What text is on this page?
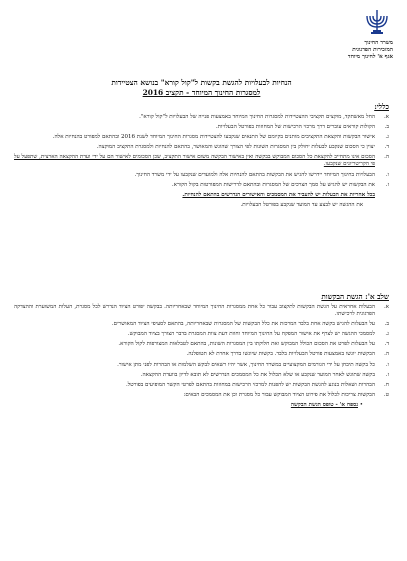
משרד החינוך
המזכירות הפדגוגית
אגף א' לחינוך מיוחד
הנחיות לבעלויות להגשת בקשות ל"קול קורא" בנושא הצטיידות
למסגרות החינוך המיוחד - תקציב 2016
כללי:
א.
החל מאשתקד, מוקצים תקציבי ההצטיידות למסגרות החינוך המיוחד באמצעות פנייה של הבעלויות ל"קול קורא".
ב.
הקולות קוראים עוברים דרך מרכזי הרכישות של המחוזות בפורטל הבעלויות.
ג.
אישור הבקשות והקצאת התקציבים מותנים בקיומם של התנאים שנקבעו להצטיידות מסגרות החינוך המיוחד לשנת 2016 ובהתאם למפורט בהנחיות אלה.
ד.
יצוין כי הסכום שנקבע לבעלות יחולק בין המסגרות השונות לפי הצורך שהוגש והמאושר, בהתאם להנחיות ולמסגרת התקציב המוקצה.
ה.
הסכום אינו מתחייב להקצאת כל הסכום המבוקש בבקשה ואין באישור הבקשה משום אישור התקציב, שכן הסכומים לאישור הם על ידי ועדת ההקצאה הארצית, שתפעל על פי הקריטריונים שנקבעו.
ו.
הבעלויות בחינוך המיוחד יידרשו להגיש את הבקשות בהתאם להנחיות אלה ולמועדים שנקבעו על ידי משרד החינוך.
ז.
את הבקשות יש להגיש על סמך הצרכים של המסגרות ובהתאם לדרישות המפורטות בקול הקורא.
בכל אחריות את הבעלות יש להעביר את המסמכים והאישורים הנדרשים בהתאם להנחיות.
את ההגשה יש לבצע עד המועד שנקבע בפורטל הבעלויות.
שלב א': הגשת הבקשות
א.
הבעלות אחראית על הגשת הבקשות לתקצוב עבור כל אחת ממסגרות החינוך המיוחד שבאחריותה. בבקשה יפורט הציוד הנדרש לכל מסגרת, העלות המשוערת וההצדקה הפדגוגית לרכישתו.
ב.
על הבעלות להגיש בקשה אחת בלבד המרכזת את כלל הבקשות של המסגרות שבאחריותה, בהתאם לסעיפי הציוד המאושרים.
ג.
למסמכי ההגשה יש לצרף את אישור המפקח על החינוך המיוחד וחוות דעת צוות המסגרת בדבר הצורך בציוד המבוקש.
ד.
על הבעלות לפרט את הסכום הכולל המבוקש ואת חלוקתו בין המסגרות השונות, בהתאם לטבלאות המצורפות לקול הקורא.
ה.
הבקשות יוגשו באמצעות פורטל הבעלויות בלבד. בקשות שיוגשו בדרך אחרת לא תטופלנה.
ו.
כל בקשה תיבחן על ידי הגורמים המקצועיים במשרד החינוך, אשר יהיו רשאים לבקש השלמות או הבהרות לפני מתן אישור.
ז.
בקשה שתוגש לאחר המועד שנקבע או שלא תכלול את כל המסמכים הנדרשים לא תובא לדיון בוועדת ההקצאה.
ח.
הבהרות ושאלות בנוגע להגשת הבקשות יש להפנות למרכזי הרכישות במחוזות בהתאם לפרטי הקשר המופיעים בפורטל.
ט.
הבקשות צריכות לכלול את פירוט הציוד המבוקש עבור כל מסגרת וכן את המסמכים הבאים:
• נספח א' - טופס הגשת הבקשה
